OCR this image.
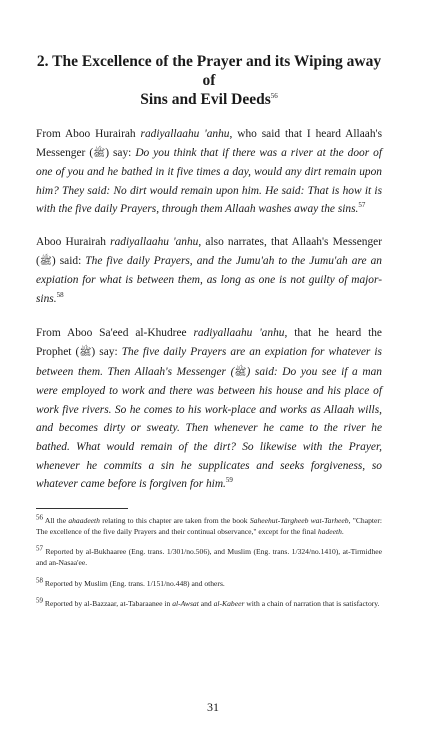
2. The Excellence of the Prayer and its Wiping away of
Sins and Evil Deeds$^{56}$

From Aboo Hurairah radiyallaahu 'anhu, who said that I heard Allaah's Messenger (ﷺ) say: Do you think that if there was a river at the door of one of you and he bathed in it five times a day, would any dirt remain upon him? They said: No dirt would remain upon him. He said: That is how it is with the five daily Prayers, through them Allaah washes away the sins.$^{57}$

Aboo Hurairah radiyallaahu 'anhu, also narrates, that Allaah's Messenger (ﷺ) said: The five daily Prayers, and the Jumu'ah to the Jumu'ah are an expiation for what is between them, as long as one is not guilty of major-sins.$^{58}$

From Aboo Sa'eed al-Khudree radiyallaahu 'anhu, that he heard the Prophet (ﷺ) say: The five daily Prayers are an expiation for whatever is between them. Then Allaah's Messenger (ﷺ) said: Do you see if a man were employed to work and there was between his house and his place of work five rivers. So he comes to his work-place and works as Allaah wills, and becomes dirty or sweaty. Then whenever he came to the river he bathed. What would remain of the dirt? So likewise with the Prayer, whenever he commits a sin he supplicates and seeks forgiveness, so whatever came before is forgiven for him.$^{59}$

$^{56}$ All the ahaadeeth relating to this chapter are taken from the book Saheehut-Targheeb wat-Tarheeb, "Chapter: The excellence of the five daily Prayers and their continual observance," except for the final hadeeth.

$^{57}$ Reported by al-Bukhaaree (Eng. trans. 1/301/no.506), and Muslim (Eng. trans. 1/324/no.1410), at-Tirmidhee and an-Nasaa'ee.

$^{58}$ Reported by Muslim (Eng. trans. 1/151/no.448) and others.

$^{59}$ Reported by al-Bazzaar, at-Tabaraanee in al-Awsat and al-Kabeer with a chain of narration that is satisfactory.

31
